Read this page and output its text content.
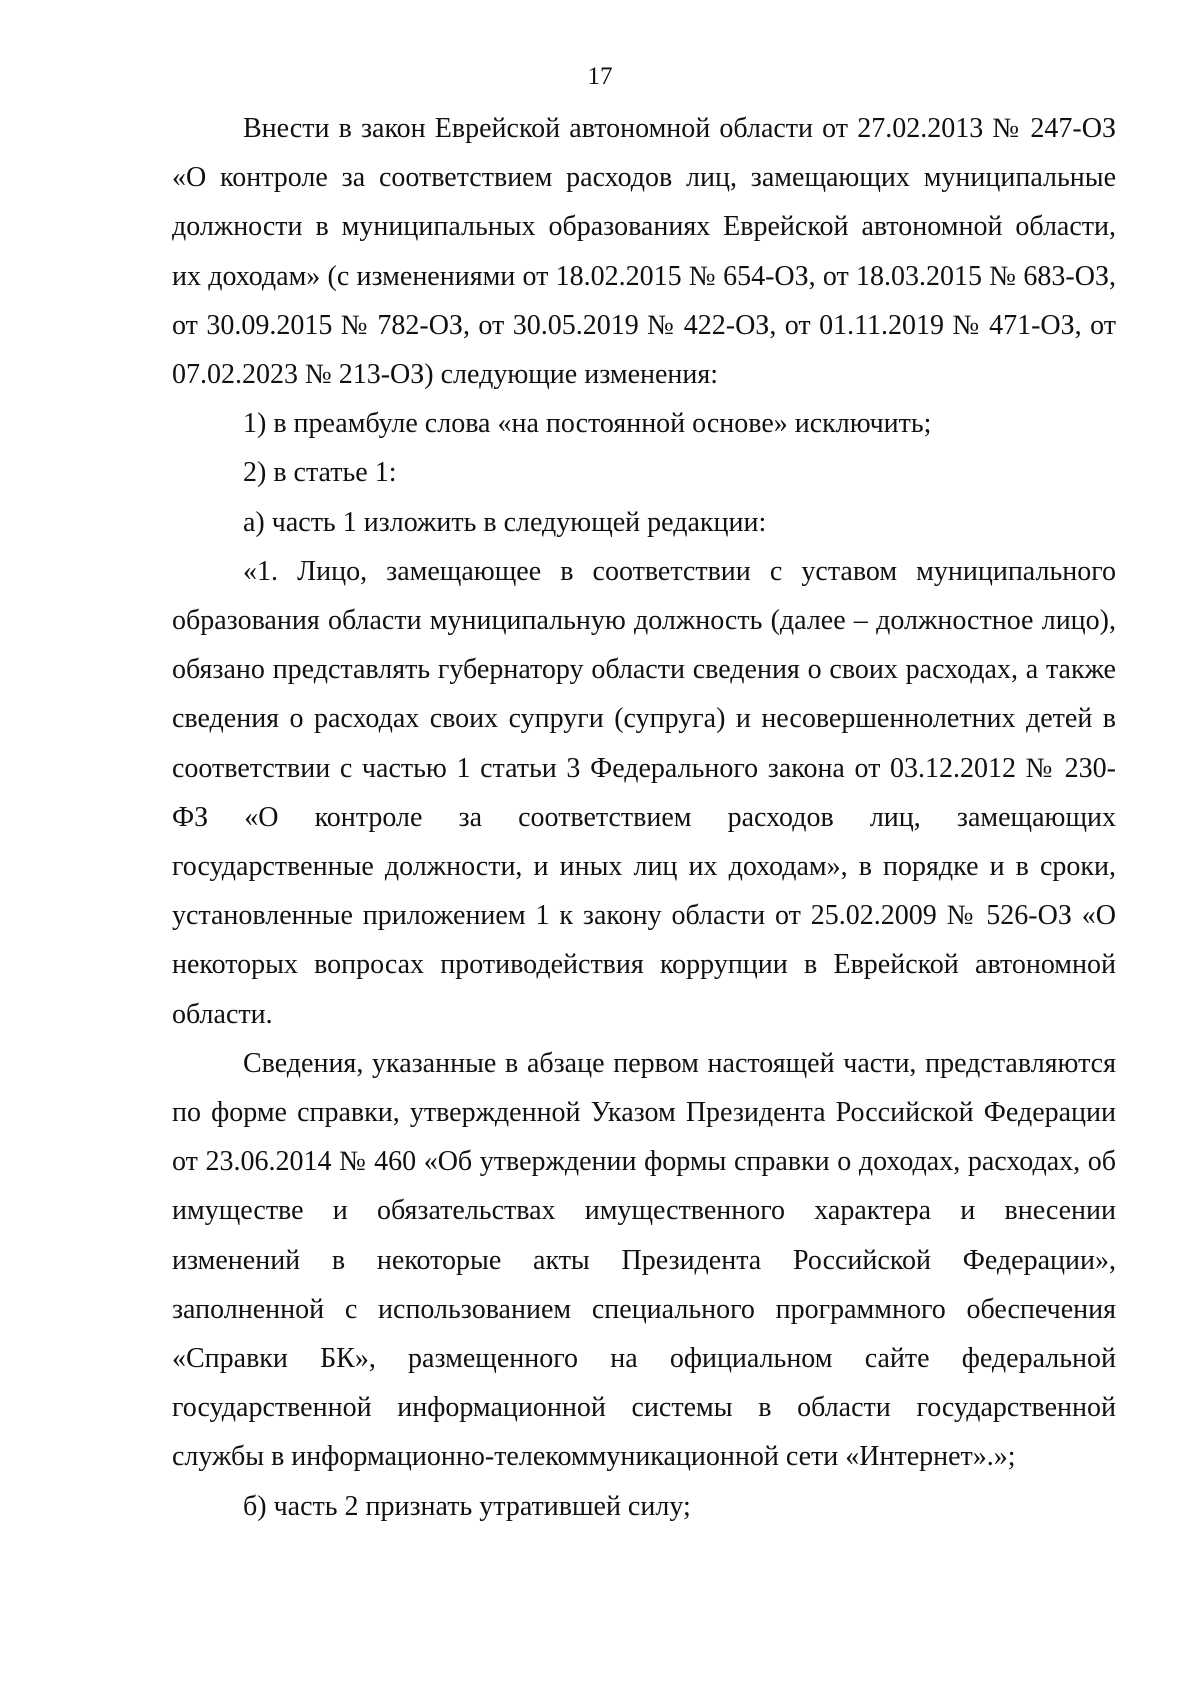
17

Внести в закон Еврейской автономной области от 27.02.2013 № 247-ОЗ «О контроле за соответствием расходов лиц, замещающих муниципальные должности в муниципальных образованиях Еврейской автономной области, их доходам» (с изменениями от 18.02.2015 № 654-ОЗ, от 18.03.2015 № 683-ОЗ, от 30.09.2015 № 782-ОЗ, от 30.05.2019 № 422-ОЗ, от 01.11.2019 № 471-ОЗ, от 07.02.2023 № 213-ОЗ) следующие изменения:

1) в преамбуле слова «на постоянной основе» исключить;

2) в статье 1:

а) часть 1 изложить в следующей редакции:

«1. Лицо, замещающее в соответствии с уставом муниципального образования области муниципальную должность (далее – должностное лицо), обязано представлять губернатору области сведения о своих расходах, а также сведения о расходах своих супруги (супруга) и несовершеннолетних детей в соответствии с частью 1 статьи 3 Федерального закона от 03.12.2012 № 230-ФЗ «О контроле за соответствием расходов лиц, замещающих государственные должности, и иных лиц их доходам», в порядке и в сроки, установленные приложением 1 к закону области от 25.02.2009 № 526-ОЗ «О некоторых вопросах противодействия коррупции в Еврейской автономной области.

Сведения, указанные в абзаце первом настоящей части, представляются по форме справки, утвержденной Указом Президента Российской Федерации от 23.06.2014 № 460 «Об утверждении формы справки о доходах, расходах, об имуществе и обязательствах имущественного характера и внесении изменений в некоторые акты Президента Российской Федерации», заполненной с использованием специального программного обеспечения «Справки БК», размещенного на официальном сайте федеральной государственной информационной системы в области государственной службы в информационно-телекоммуникационной сети «Интернет».»;

б) часть 2 признать утратившей силу;
